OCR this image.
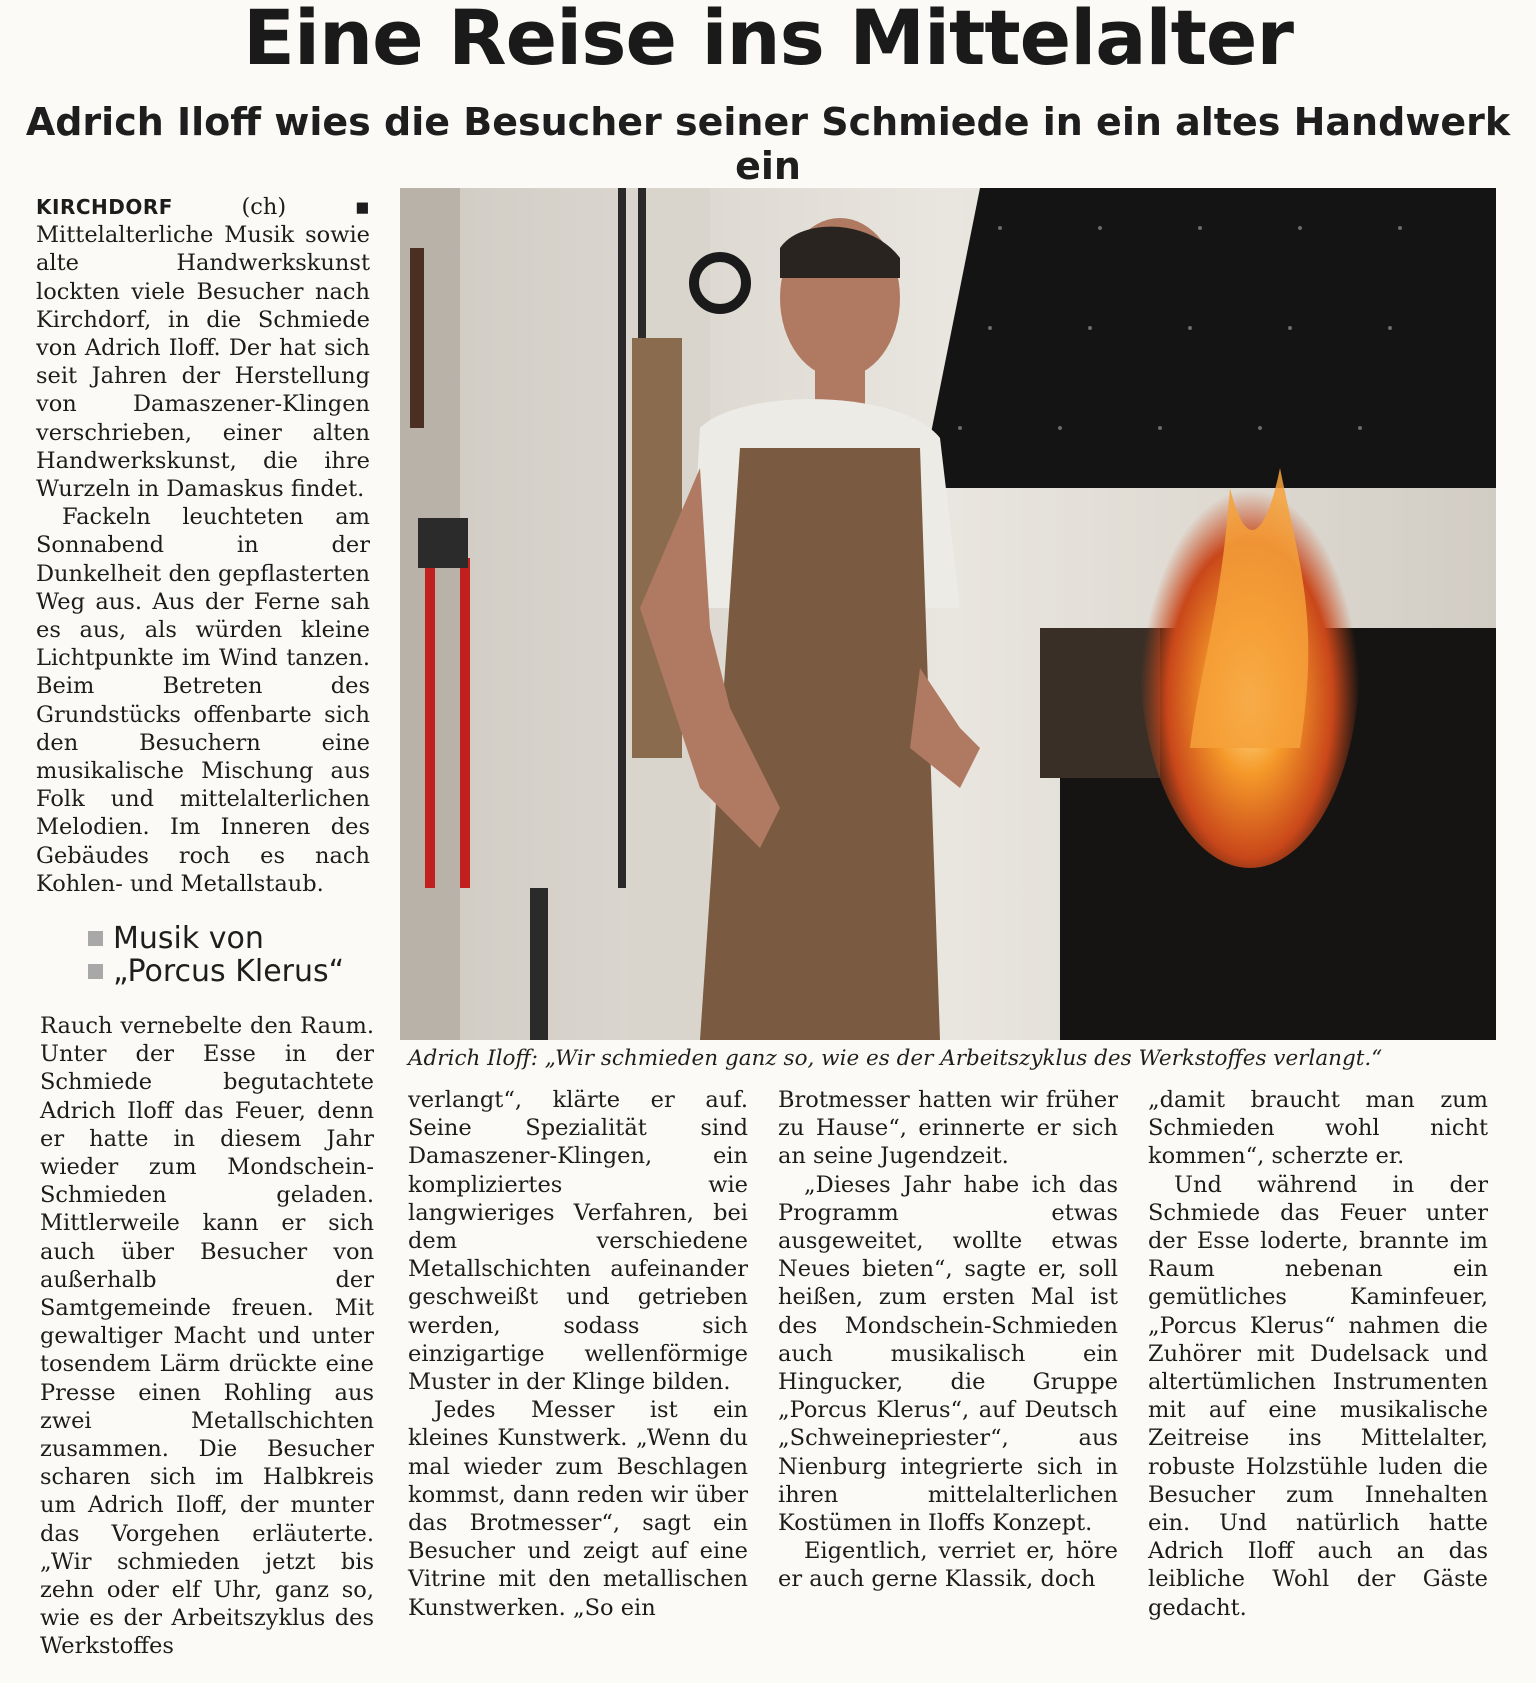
Eine Reise ins Mittelalter
Adrich Iloff wies die Besucher seiner Schmiede in ein altes Handwerk ein

KIRCHDORF (ch) ▪ Mittelalterliche Musik sowie alte Handwerkskunst lockten viele Besucher nach Kirchdorf, in die Schmiede von Adrich Iloff. Der hat sich seit Jahren der Herstellung von Damaszener-Klingen verschrieben, einer alten Handwerkskunst, die ihre Wurzeln in Damaskus findet.

Fackeln leuchteten am Sonnabend in der Dunkelheit den gepflasterten Weg aus. Aus der Ferne sah es aus, als würden kleine Lichtpunkte im Wind tanzen. Beim Betreten des Grundstücks offenbarte sich den Besuchern eine musikalische Mischung aus Folk und mittelalterlichen Melodien. Im Inneren des Gebäudes roch es nach Kohlen- und Metallstaub.

Musik von
„Porcus Klerus“

Rauch vernebelte den Raum. Unter der Esse in der Schmiede begutachtete Adrich Iloff das Feuer, denn er hatte in diesem Jahr wieder zum Mondschein-Schmieden geladen. Mittlerweile kann er sich auch über Besucher von außerhalb der Samtgemeinde freuen. Mit gewaltiger Macht und unter tosendem Lärm drückte eine Presse einen Rohling aus zwei Metallschichten zusammen. Die Besucher scharen sich im Halbkreis um Adrich Iloff, der munter das Vorgehen erläuterte. „Wir schmieden jetzt bis zehn oder elf Uhr, ganz so, wie es der Arbeitszyklus des Werkstoffes

Adrich Iloff: „Wir schmieden ganz so, wie es der Arbeitszyklus des Werkstoffes verlangt.“

verlangt“, klärte er auf. Seine Spezialität sind Damaszener-Klingen, ein kompliziertes wie langwieriges Verfahren, bei dem verschiedene Metallschichten aufeinander geschweißt und getrieben werden, sodass sich einzigartige wellenförmige Muster in der Klinge bilden.

Jedes Messer ist ein kleines Kunstwerk. „Wenn du mal wieder zum Beschlagen kommst, dann reden wir über das Brotmesser“, sagt ein Besucher und zeigt auf eine Vitrine mit den metallischen Kunstwerken. „So ein

Brotmesser hatten wir früher zu Hause“, erinnerte er sich an seine Jugendzeit.

„Dieses Jahr habe ich das Programm etwas ausgeweitet, wollte etwas Neues bieten“, sagte er, soll heißen, zum ersten Mal ist des Mondschein-Schmieden auch musikalisch ein Hingucker, die Gruppe „Porcus Klerus“, auf Deutsch „Schweinepriester“, aus Nienburg integrierte sich in ihren mittelalterlichen Kostümen in Iloffs Konzept.

Eigentlich, verriet er, höre er auch gerne Klassik, doch

„damit braucht man zum Schmieden wohl nicht kommen“, scherzte er.

Und während in der Schmiede das Feuer unter der Esse loderte, brannte im Raum nebenan ein gemütliches Kaminfeuer, „Porcus Klerus“ nahmen die Zuhörer mit Dudelsack und altertümlichen Instrumenten mit auf eine musikalische Zeitreise ins Mittelalter, robuste Holzstühle luden die Besucher zum Innehalten ein. Und natürlich hatte Adrich Iloff auch an das leibliche Wohl der Gäste gedacht.
